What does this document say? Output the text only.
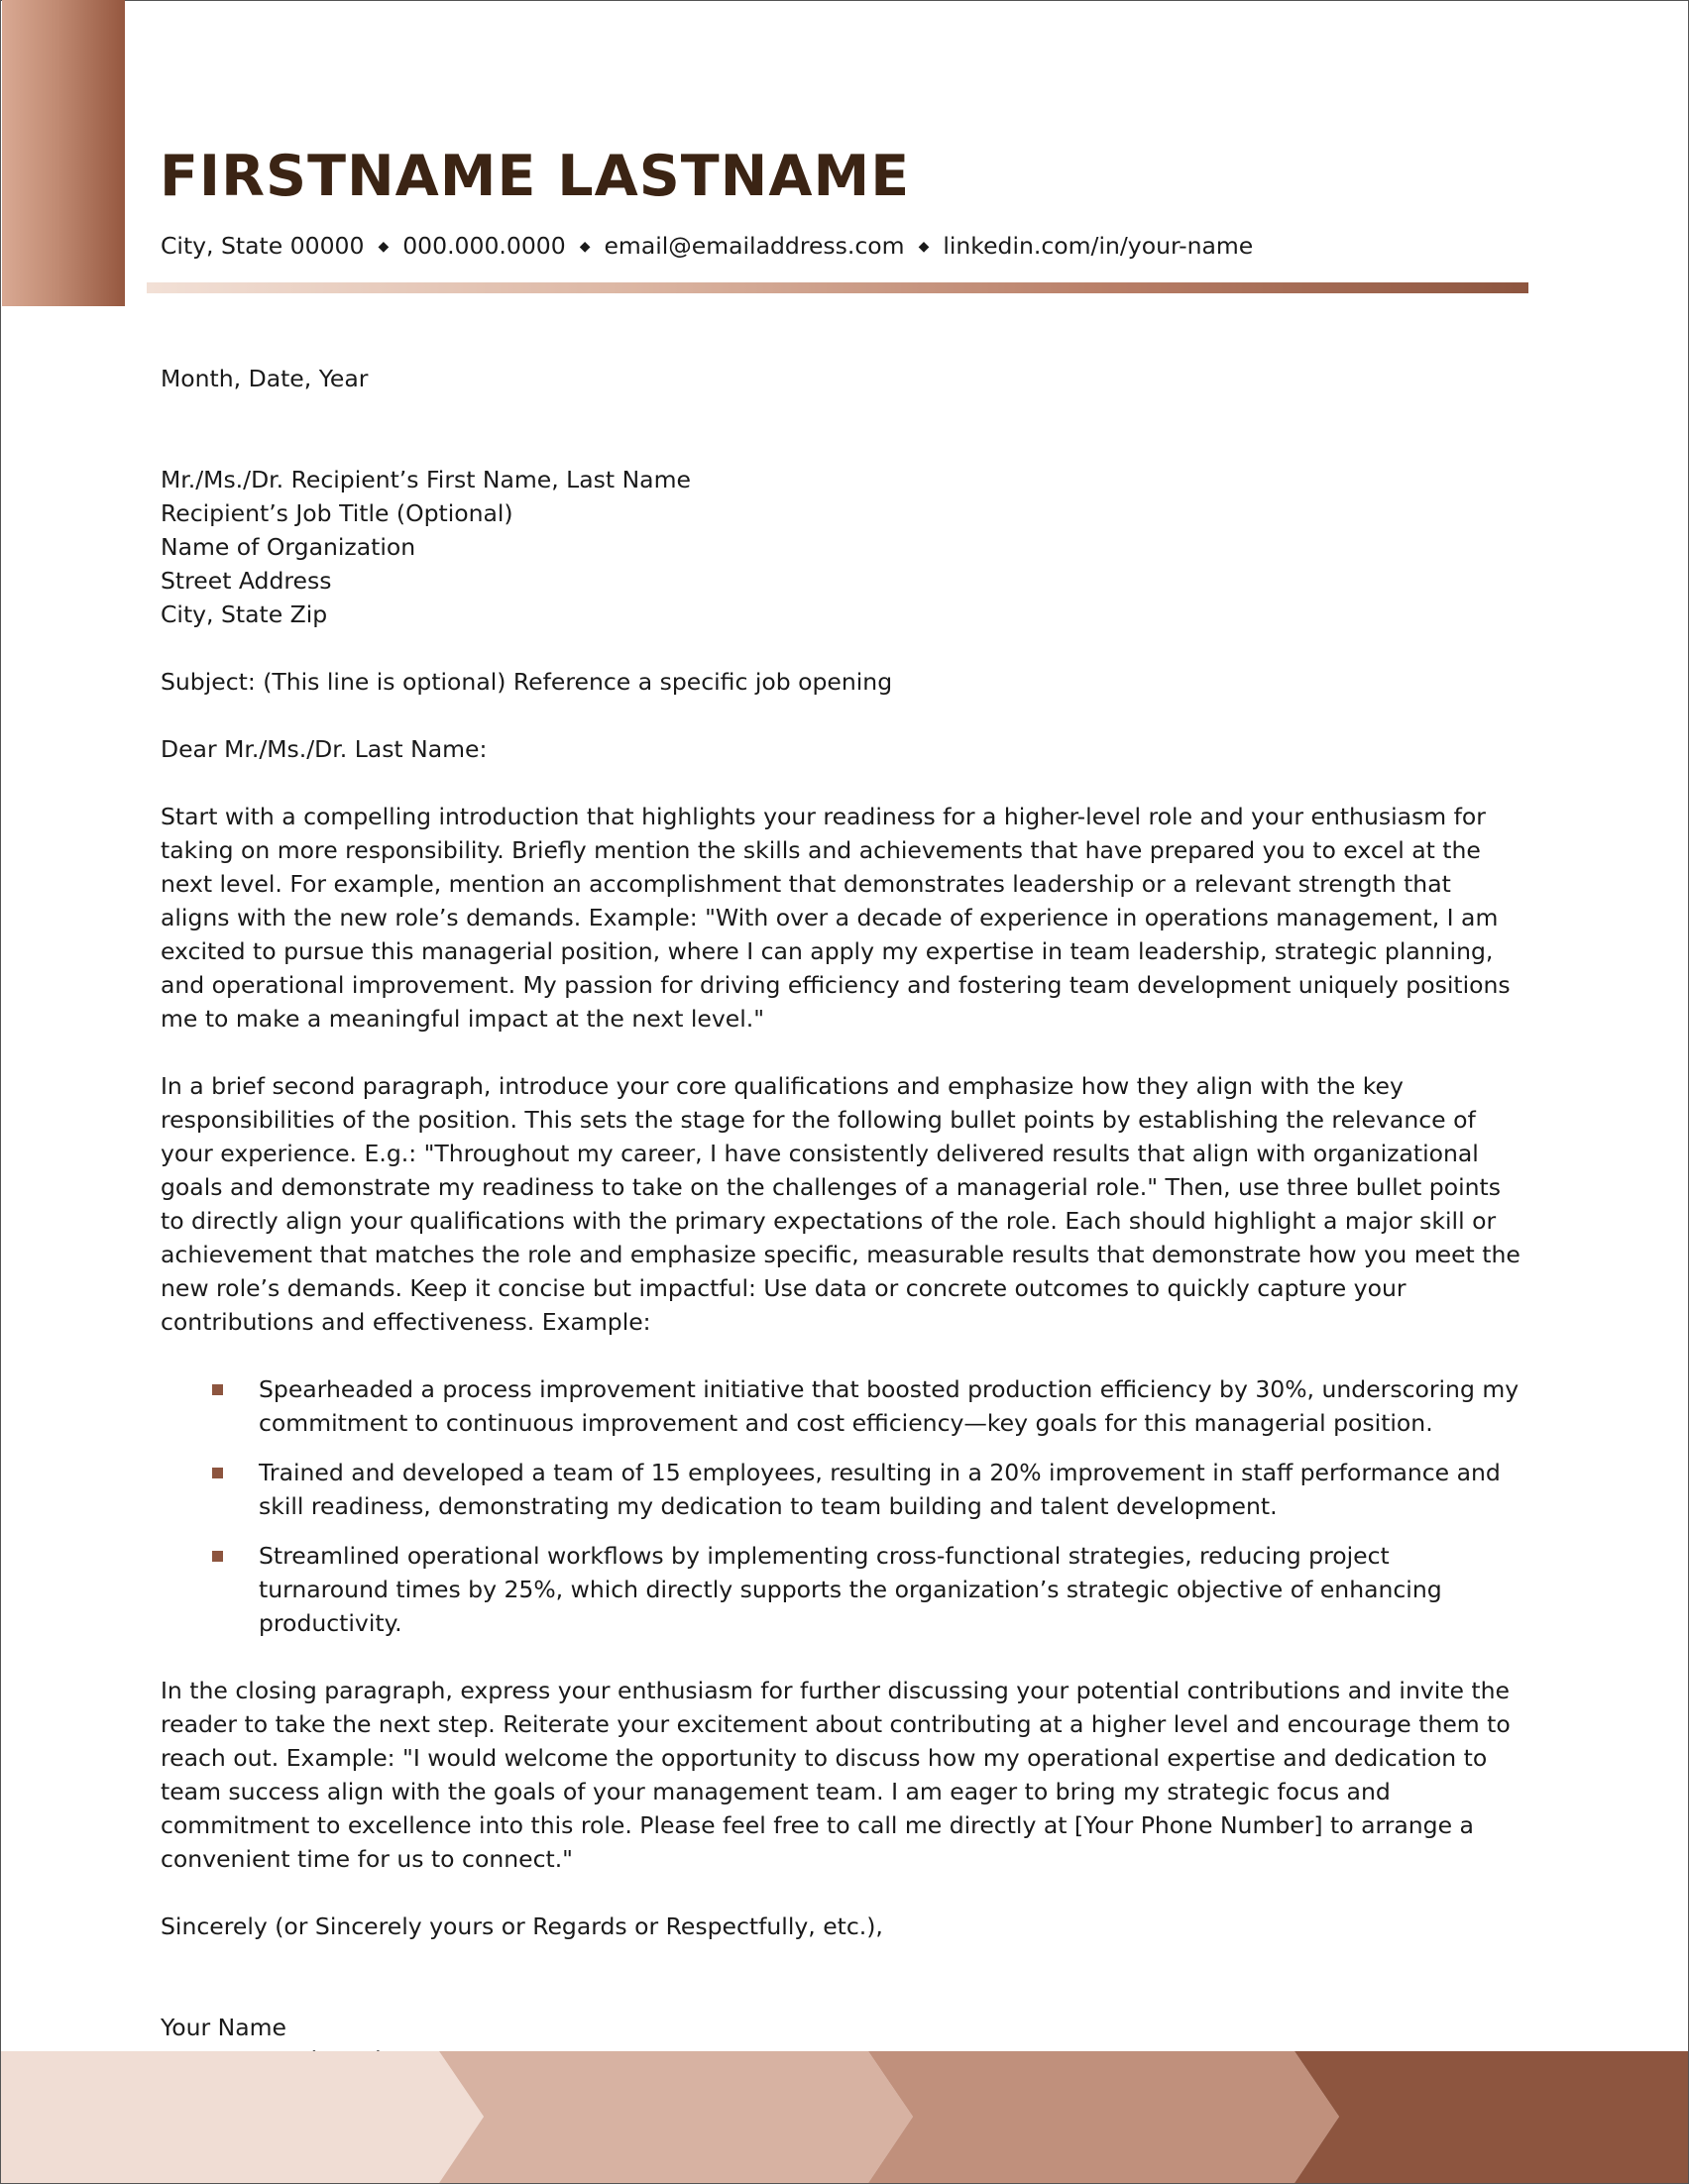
FIRSTNAME LASTNAME
City, State 00000 ◆ 000.000.0000 ◆ email@emailaddress.com ◆ linkedin.com/in/your-name

Month, Date, Year

Mr./Ms./Dr. Recipient’s First Name, Last Name

Recipient’s Job Title (Optional)

Name of Organization

Street Address

City, State Zip

Subject: (This line is optional) Reference a specific job opening

Dear Mr./Ms./Dr. Last Name:

Start with a compelling introduction that highlights your readiness for a higher-level role and your enthusiasm for taking on more responsibility. Briefly mention the skills and achievements that have prepared you to excel at the next level. For example, mention an accomplishment that demonstrates leadership or a relevant strength that aligns with the new role’s demands. Example: "With over a decade of experience in operations management, I am excited to pursue this managerial position, where I can apply my expertise in team leadership, strategic planning, and operational improvement. My passion for driving efficiency and fostering team development uniquely positions me to make a meaningful impact at the next level."

In a brief second paragraph, introduce your core qualifications and emphasize how they align with the key responsibilities of the position. This sets the stage for the following bullet points by establishing the relevance of your experience. E.g.: "Throughout my career, I have consistently delivered results that align with organizational goals and demonstrate my readiness to take on the challenges of a managerial role." Then, use three bullet points to directly align your qualifications with the primary expectations of the role. Each should highlight a major skill or achievement that matches the role and emphasize specific, measurable results that demonstrate how you meet the new role’s demands. Keep it concise but impactful: Use data or concrete outcomes to quickly capture your contributions and effectiveness. Example:

Spearheaded a process improvement initiative that boosted production efficiency by 30%, underscoring my commitment to continuous improvement and cost efficiency—key goals for this managerial position.
Trained and developed a team of 15 employees, resulting in a 20% improvement in staff performance and skill readiness, demonstrating my dedication to team building and talent development.
Streamlined operational workflows by implementing cross-functional strategies, reducing project turnaround times by 25%, which directly supports the organization’s strategic objective of enhancing productivity.

In the closing paragraph, express your enthusiasm for further discussing your potential contributions and invite the reader to take the next step. Reiterate your excitement about contributing at a higher level and encourage them to reach out. Example: "I would welcome the opportunity to discuss how my operational expertise and dedication to team success align with the goals of your management team. I am eager to bring my strategic focus and commitment to excellence into this role. Please feel free to call me directly at [Your Phone Number] to arrange a convenient time for us to connect."

Sincerely (or Sincerely yours or Regards or Respectfully, etc.),

Your Name
